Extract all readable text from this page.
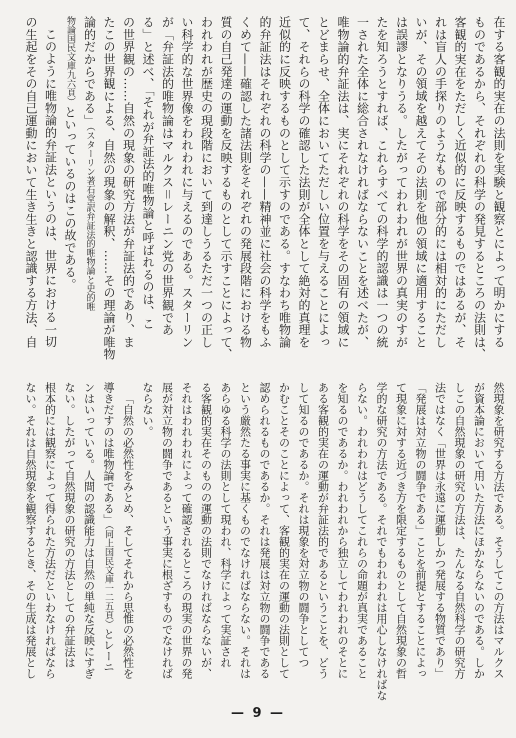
在する客観的実在の法則を実験と観察とによって明かにする
ものであるから、それぞれの科学の発見するところの法則は、
客観的実在をただしく近似的に反映するものではあるが、そ
れは盲人の手探りのようなもので部分的には相対的にただし
いが、その領域を越えてその法則を他の領域に適用すること
は誤謬となりうる。したがってわれわれが世界の真実のすが
たを知ろうとすれば、これらすべての科学的認識は一つの統
一された全体に総合されなければならないことを述べたが、
唯物論的弁証法は、実にそれぞれの科学をその固有の領域に
とどまらせ、全体においてただしい位置を与えることによっ
て、それらの科学の確認した法則が全体として絶対的真理を
近似的に反映するものとして示すのである。すなわち唯物論
的弁証法はそれぞれの科学の——精神並に社会の科学をもふ
くめて——確認した諸法則をそれぞれの発展段階における物
質の自己発達の運動を反映するものとして示すことによって、
われわれが歴史の現段階において到達しうるただ一つの正し
い科学的な世界像をわれわれに与えるのである。スターリン
が「弁証法的唯物論はマルクス＝レーニン党の世界観であ
る」と述べ、「それが弁証法的唯物論と呼ばれるのは、こ
の世界観の……自然の現象の研究方法が弁証法的であり、ま
たこの世界観による、自然の現象の解釈、……その理論が唯物
論的だからである」（スターリン著石堂訳弁証法的唯物論と史的唯
物論国民文庫九六頁）といっているのはこの故である。
このように唯物論的弁証法というのは、世界における一切
の生起をその自己運動において生き生きと認識する方法、自
然現象を研究する方法である。そうしてこの方法はマルクス
が資本論において用いた方法にほかならないのである。しか
しこの自然現象の研究の方法は、たんなる自然科学の研究方
法ではなく「世界は永遠に運動しかつ発展する物質であり」
「発展は対立物の闘争である」ことを前提とすることによっ
て現象に対する近づき方を限定するものとして自然現象の哲
学的な研究の方法である。それでもわれわれは用心しなければな
らない。われわれはどうしてこれらの命題が真実であること
を知るのであるか。われわれから独立してわれわれのそとに
ある客観的実在の運動が弁証法的であるということを、どう
して知るのであるか。それは現象を対立物の闘争としてつ
かむことそのことによって、客観的実在の運動の法則として
認められるものであるか。それは発展は対立物の闘争である
という厳然たる事実に基くものでなければならない。それは
あらゆる科学の法則として現われ、科学によって実証され
る客観的実在そのものの運動の法則でなければならないが、
それはわれわれによって確認されるところの現実の世界の発
展が対立物の闘争であるという事実に根ざすものでなければ
ならない。
「自然の必然性をみとめ、そしてそれから思惟の必然性を
導きだすのは唯物論である」（同上国民文庫一二五頁）とレーニ
ンはいっている。人間の認識能力は自然の単純な反映にすぎ
ない。したがって自然現象の研究の方法としての弁証法は
根本的には観察によって得られた方法だといわなければなら
ない。それは自然現象を観察するとき、その生成は発展とし
— 9 —
